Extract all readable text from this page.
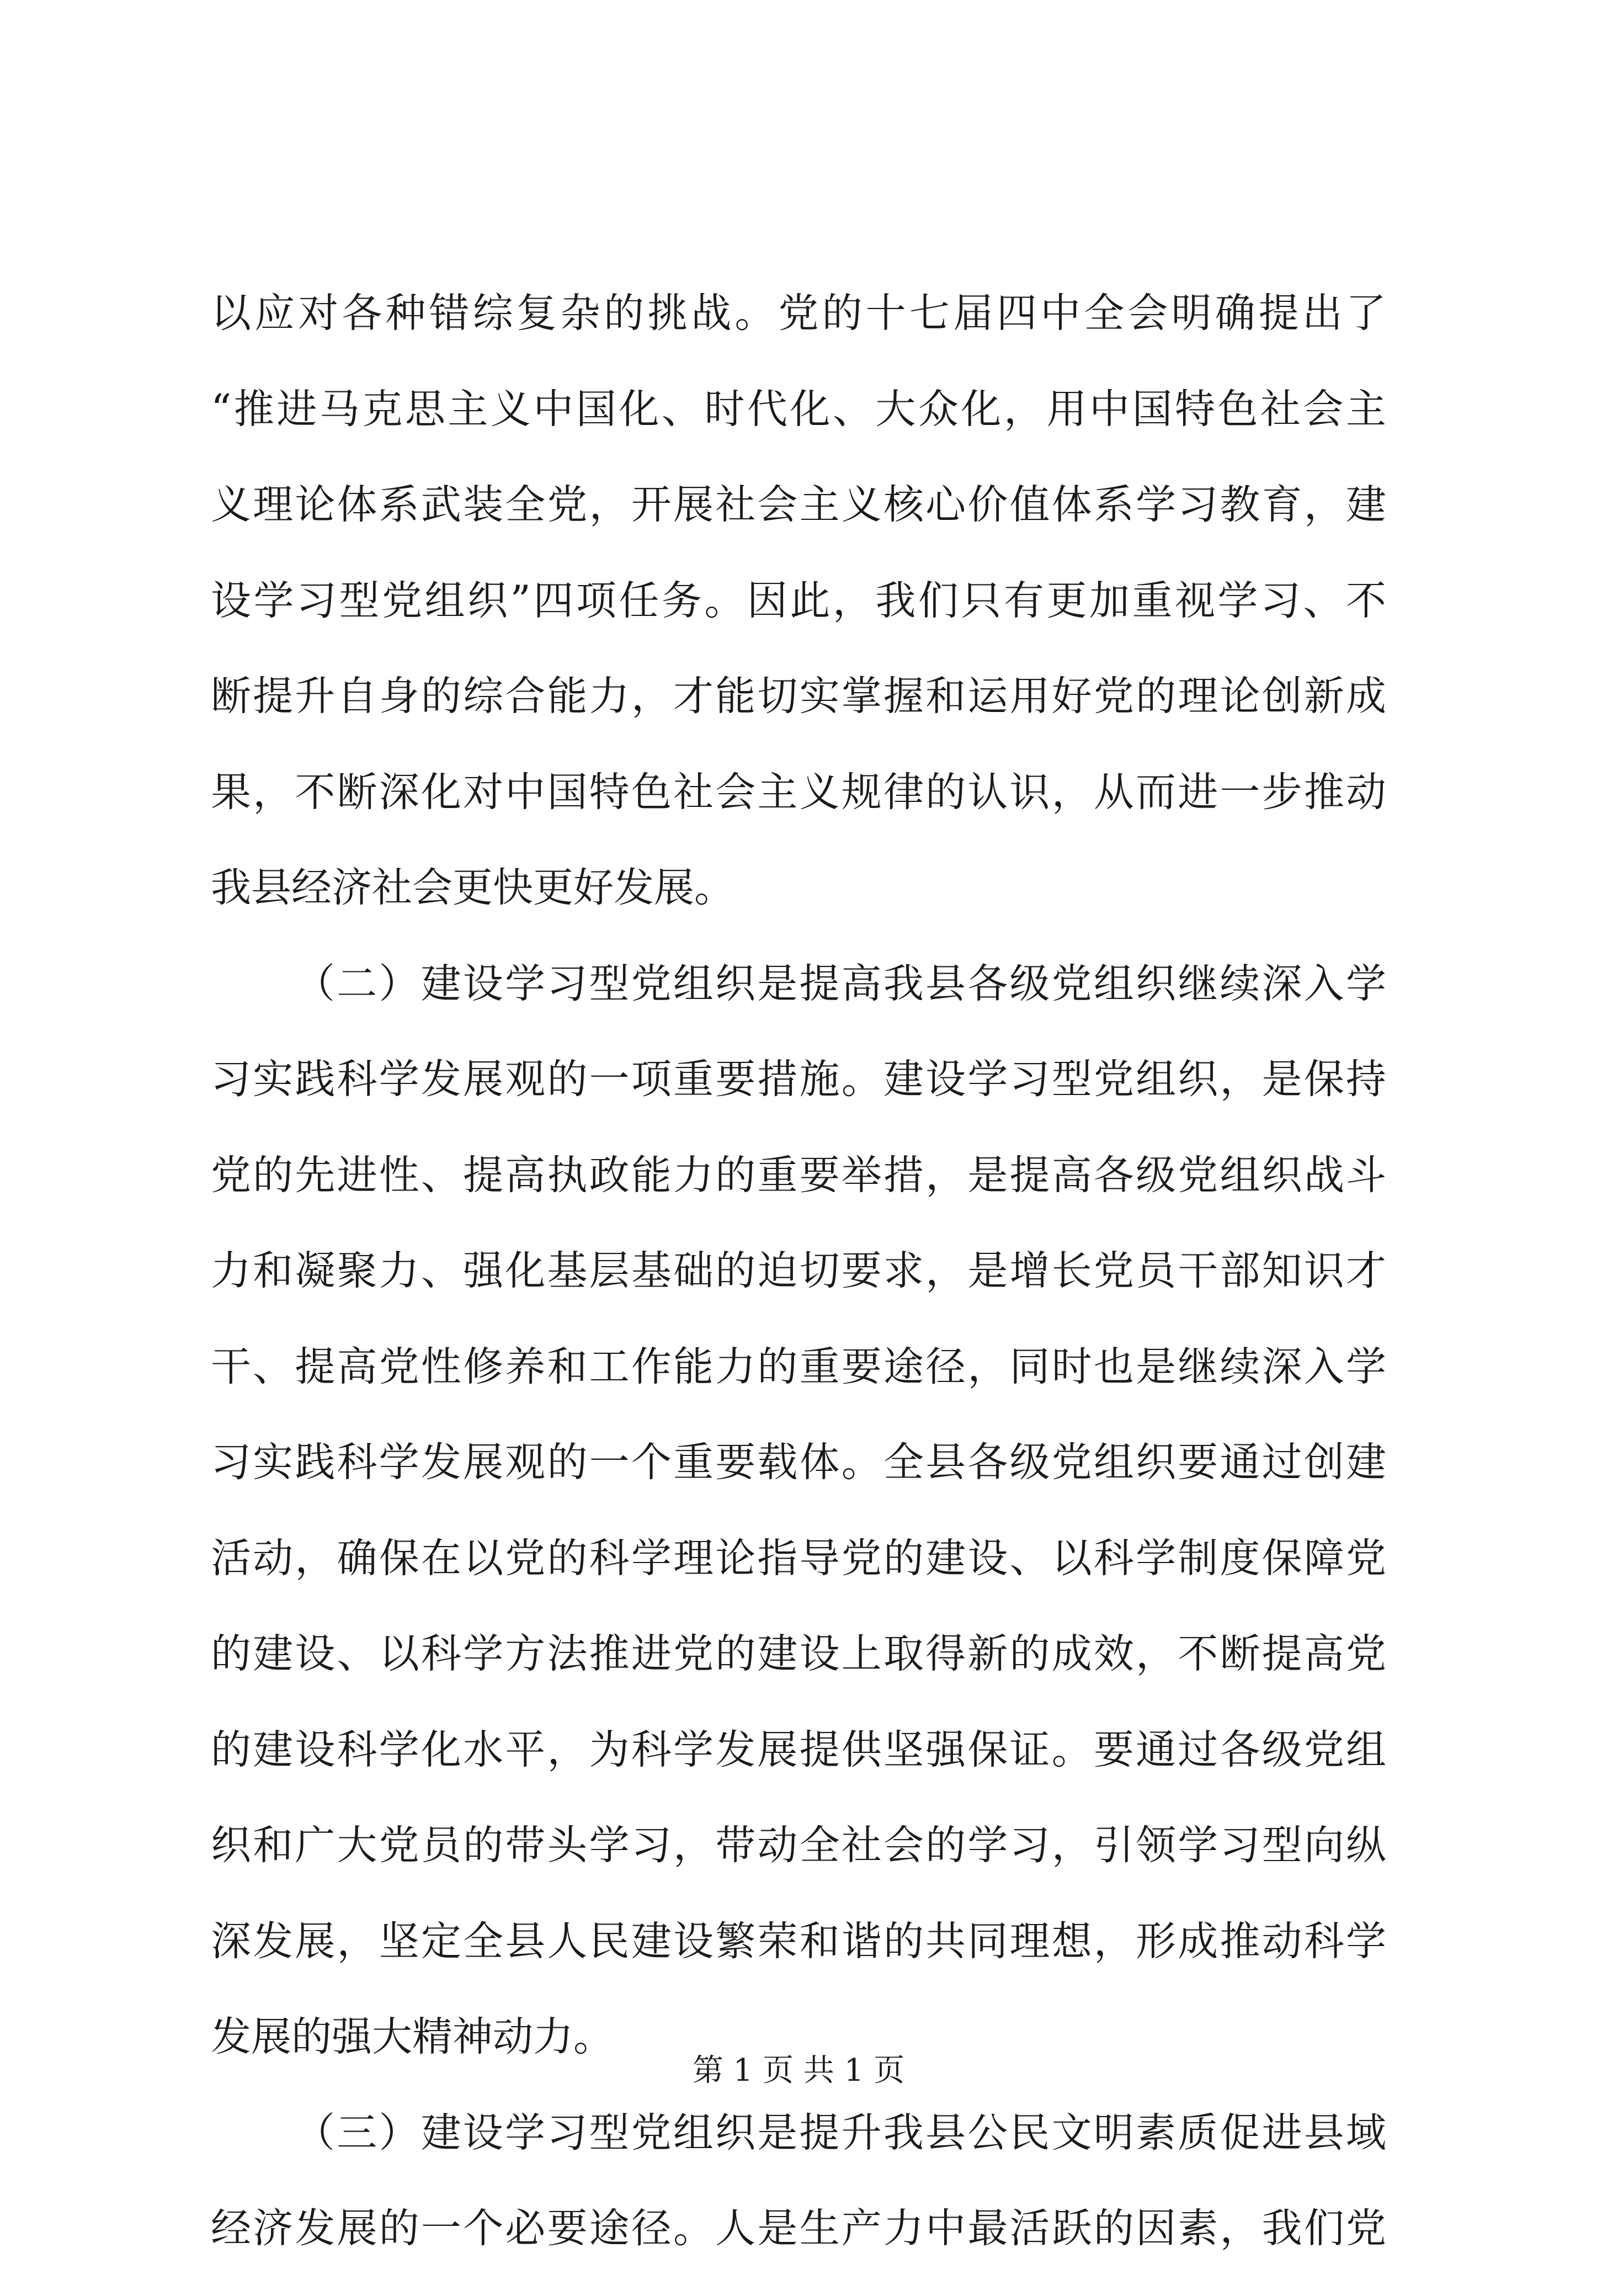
以应对各种错综复杂的挑战。党的十七届四中全会明确提出了
“推进马克思主义中国化、时代化、大众化，用中国特色社会主
义理论体系武装全党，开展社会主义核心价值体系学习教育，建
设学习型党组织”四项任务。因此，我们只有更加重视学习、不
断提升自身的综合能力，才能切实掌握和运用好党的理论创新成
果，不断深化对中国特色社会主义规律的认识，从而进一步推动
我县经济社会更快更好发展。
（二）建设学习型党组织是提高我县各级党组织继续深入学
习实践科学发展观的一项重要措施。建设学习型党组织，是保持
党的先进性、提高执政能力的重要举措，是提高各级党组织战斗
力和凝聚力、强化基层基础的迫切要求，是增长党员干部知识才
干、提高党性修养和工作能力的重要途径，同时也是继续深入学
习实践科学发展观的一个重要载体。全县各级党组织要通过创建
活动，确保在以党的科学理论指导党的建设、以科学制度保障党
的建设、以科学方法推进党的建设上取得新的成效，不断提高党
的建设科学化水平，为科学发展提供坚强保证。要通过各级党组
织和广大党员的带头学习，带动全社会的学习，引领学习型向纵
深发展，坚定全县人民建设繁荣和谐的共同理想，形成推动科学
发展的强大精神动力。
（三）建设学习型党组织是提升我县公民文明素质促进县域
经济发展的一个必要途径。人是生产力中最活跃的因素，我们党
第 1 页 共 1 页
